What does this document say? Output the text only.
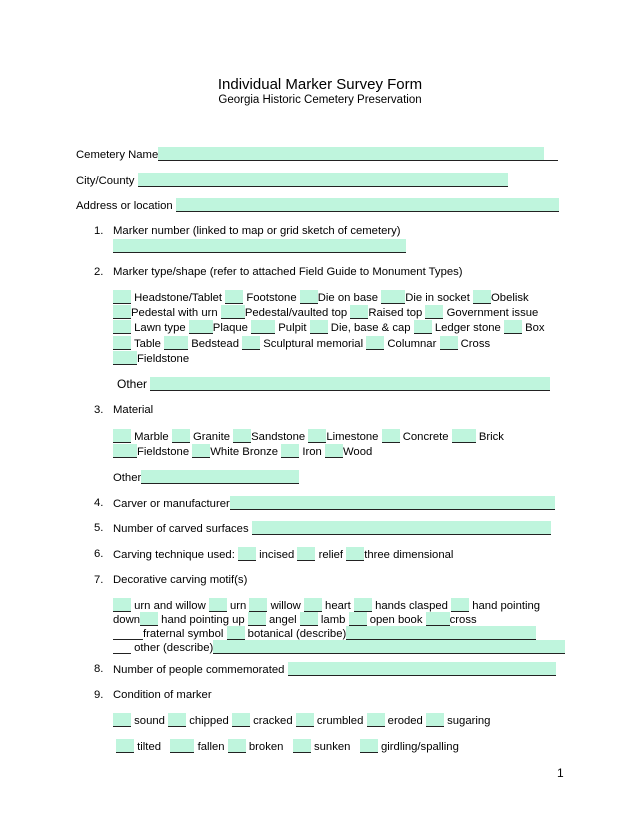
Individual Marker Survey Form
Georgia Historic Cemetery Preservation
Cemetery Name
City/County
Address or location
1. Marker number (linked to map or grid sketch of cemetery)
2. Marker type/shape (refer to attached Field Guide to Monument Types)
Headstone/Tablet Footstone Die on base Die in socket Obelisk
Pedestal with urn Pedestal/vaulted top Raised top Government issue
Lawn type Plaque	Pulpit Die, base & cap Ledger stone Box
Table	Bedstead Sculptural memorial Columnar Cross
Fieldstone
Other
3. Material
Marble Granite Sandstone Limestone Concrete	Brick
Fieldstone White Bronze Iron Wood
Other
4. Carver or manufacturer
5. Number of carved surfaces
6. Carving technique used: incised relief three dimensional
7. Decorative carving motif(s)
urn and willow urn willow heart hands clasped hand pointing
down hand pointing up angel lamb open book cross
fraternal symbol botanical (describe)
other (describe)
8. Number of people commemorated
9. Condition of marker
sound chipped cracked crumbled eroded sugaring
tilted	fallen broken	sunken	girdling/spalling
1
